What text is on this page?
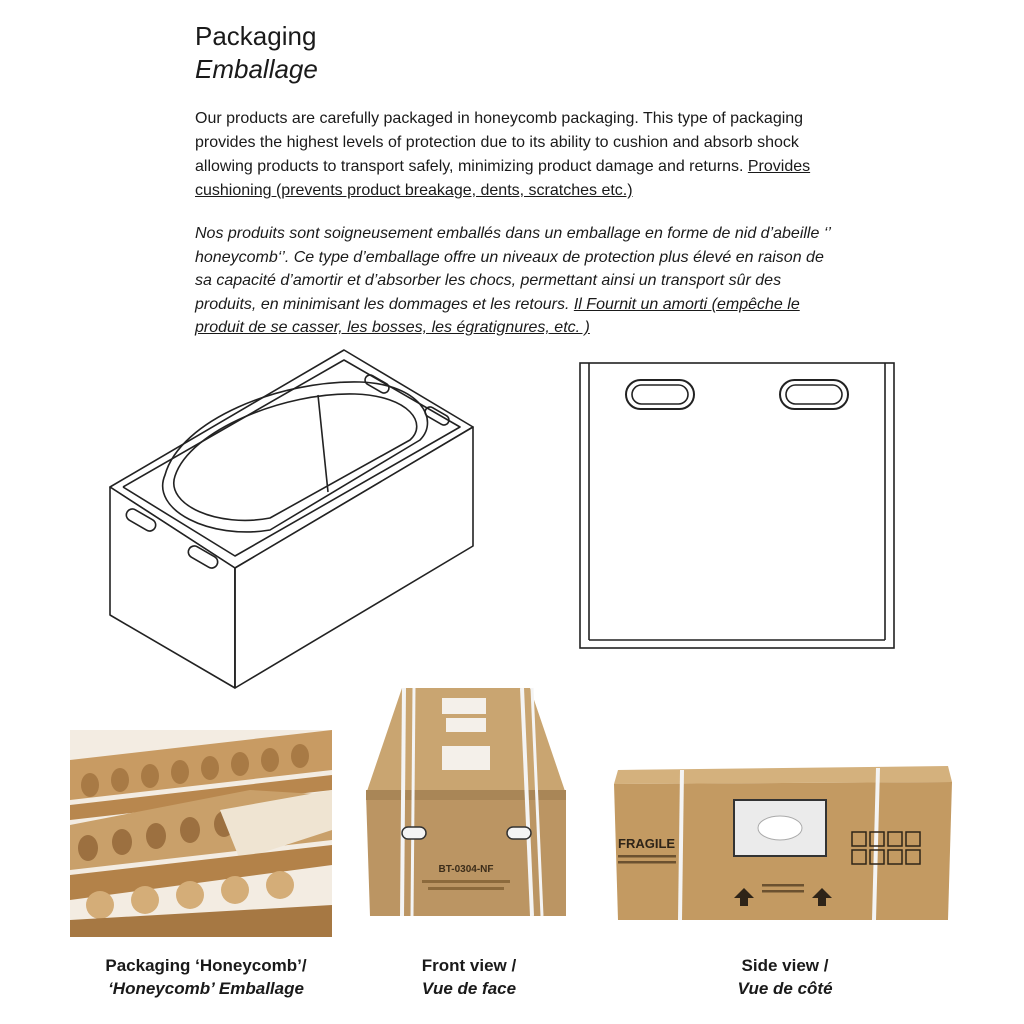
Packaging
Emballage
Our products are carefully packaged in honeycomb packaging. This type of packaging provides the highest levels of protection due to its ability to cushion and absorb shock allowing products to transport safely, minimizing product damage and returns. Provides cushioning (prevents product breakage, dents, scratches etc.)
Nos produits sont soigneusement emballés dans un emballage en forme de nid d’abeille ‘’ honeycomb‘’. Ce type d’emballage offre un niveaux de protection plus élevé en raison de sa capacité d’amortir et d’absorber les chocs, permettant ainsi un transport sûr des produits, en minimisant les dommages et les retours. Il Fournit un amorti (empêche le produit de se casser, les bosses, les égratignures, etc. )
BT-0304-NF
FRAGILE
Packaging ‘Honeycomb’/
‘Honeycomb’ Emballage
Front view /
Vue de face
Side view /
Vue de côté
